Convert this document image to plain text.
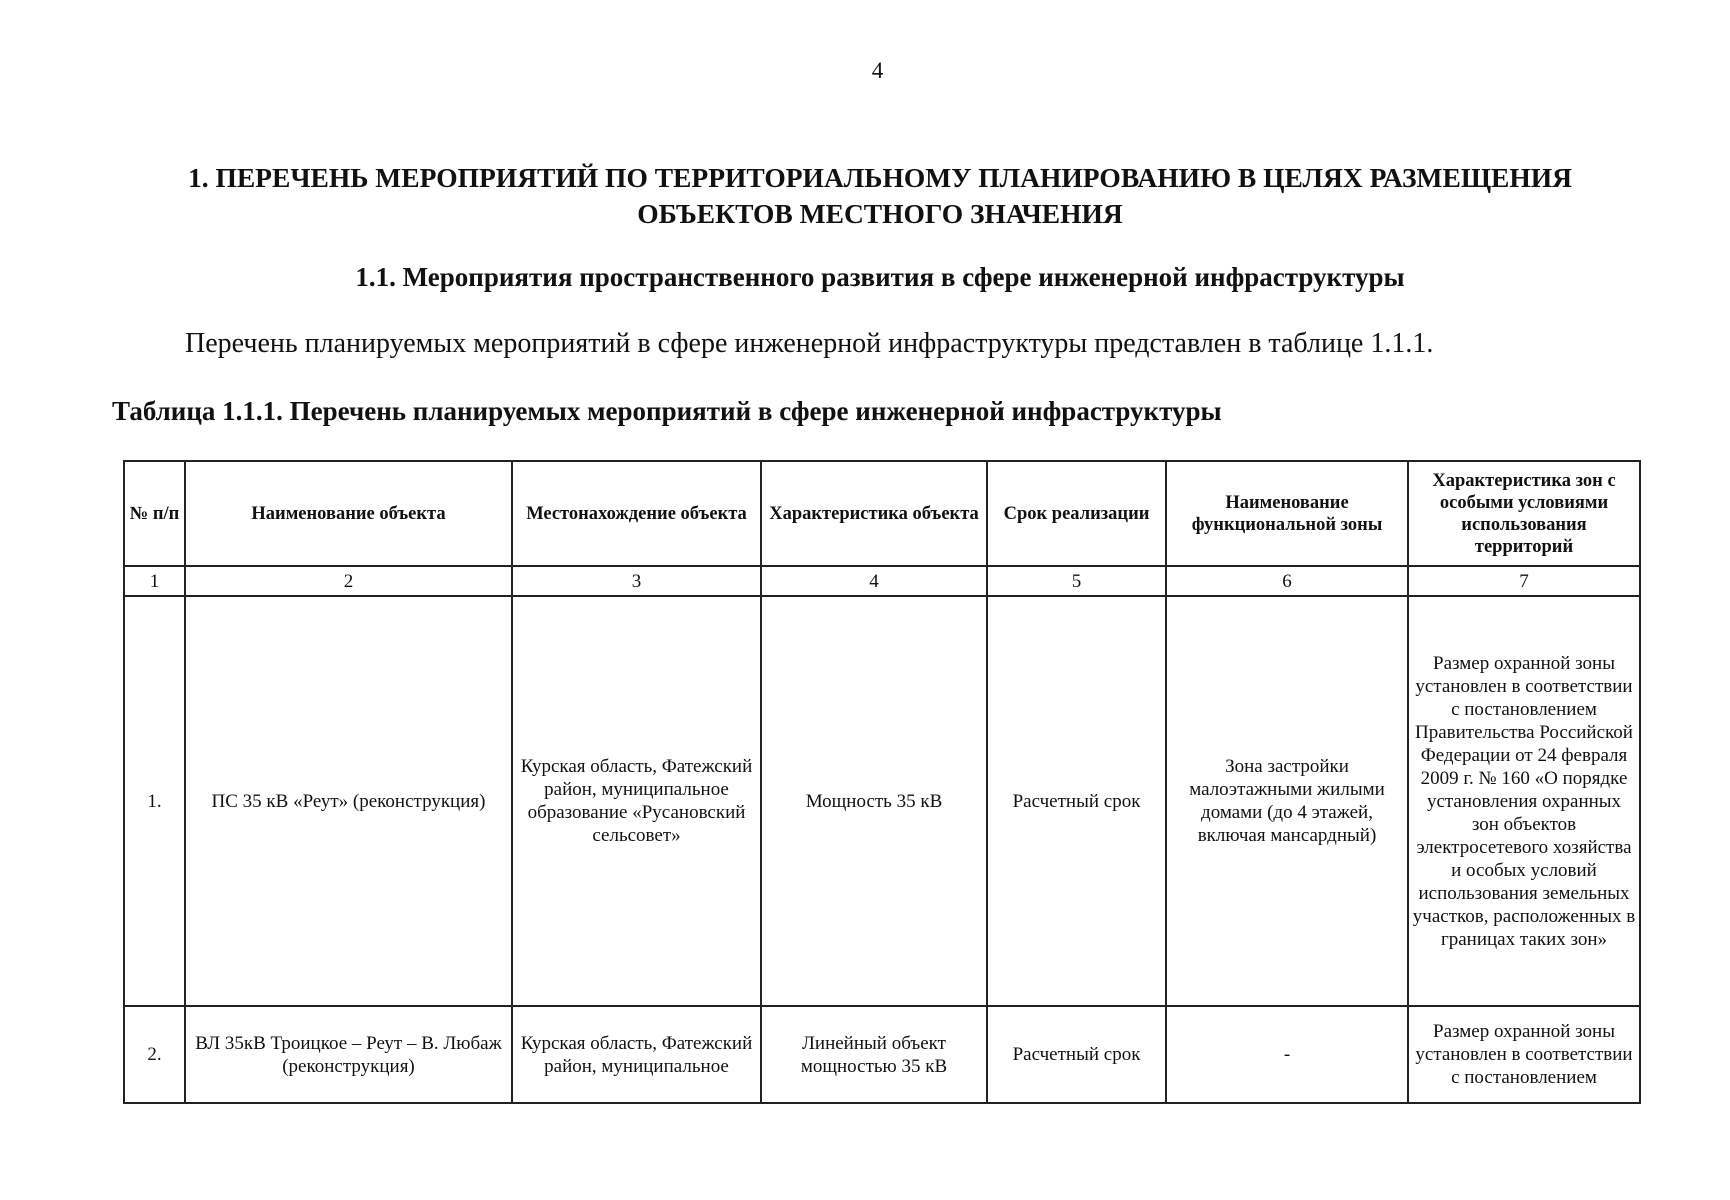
4
1. ПЕРЕЧЕНЬ МЕРОПРИЯТИЙ ПО ТЕРРИТОРИАЛЬНОМУ ПЛАНИРОВАНИЮ В ЦЕЛЯХ РАЗМЕЩЕНИЯ
ОБЪЕКТОВ МЕСТНОГО ЗНАЧЕНИЯ
1.1. Мероприятия пространственного развития в сфере инженерной инфраструктуры
Перечень планируемых мероприятий в сфере инженерной инфраструктуры представлен в таблице 1.1.1.
Таблица 1.1.1. Перечень планируемых мероприятий в сфере инженерной инфраструктуры
№ п/п	Наименование объекта	Местонахождение объекта	Характеристика объекта	Срок реализации	Наименование функциональной зоны	Характеристика зон с особыми условиями использования территорий
1	2	3	4	5	6	7
1.	ПС 35 кВ «Реут» (реконструкция)	Курская область, Фатежский район, муниципальное образование «Русановский сельсовет»	Мощность 35 кВ	Расчетный срок	Зона застройки малоэтажными жилыми домами (до 4 этажей, включая мансардный)	Размер охранной зоны установлен в соответствии с постановлением Правительства Российской Федерации от 24 февраля 2009 г. № 160 «О порядке установления охранных зон объектов электросетевого хозяйства и особых условий использования земельных участков, расположенных в границах таких зон»
2.	ВЛ 35кВ Троицкое – Реут – В. Любаж (реконструкция)	Курская область, Фатежский район, муниципальное	Линейный объект мощностью 35 кВ	Расчетный срок	-	Размер охранной зоны установлен в соответствии с постановлением
